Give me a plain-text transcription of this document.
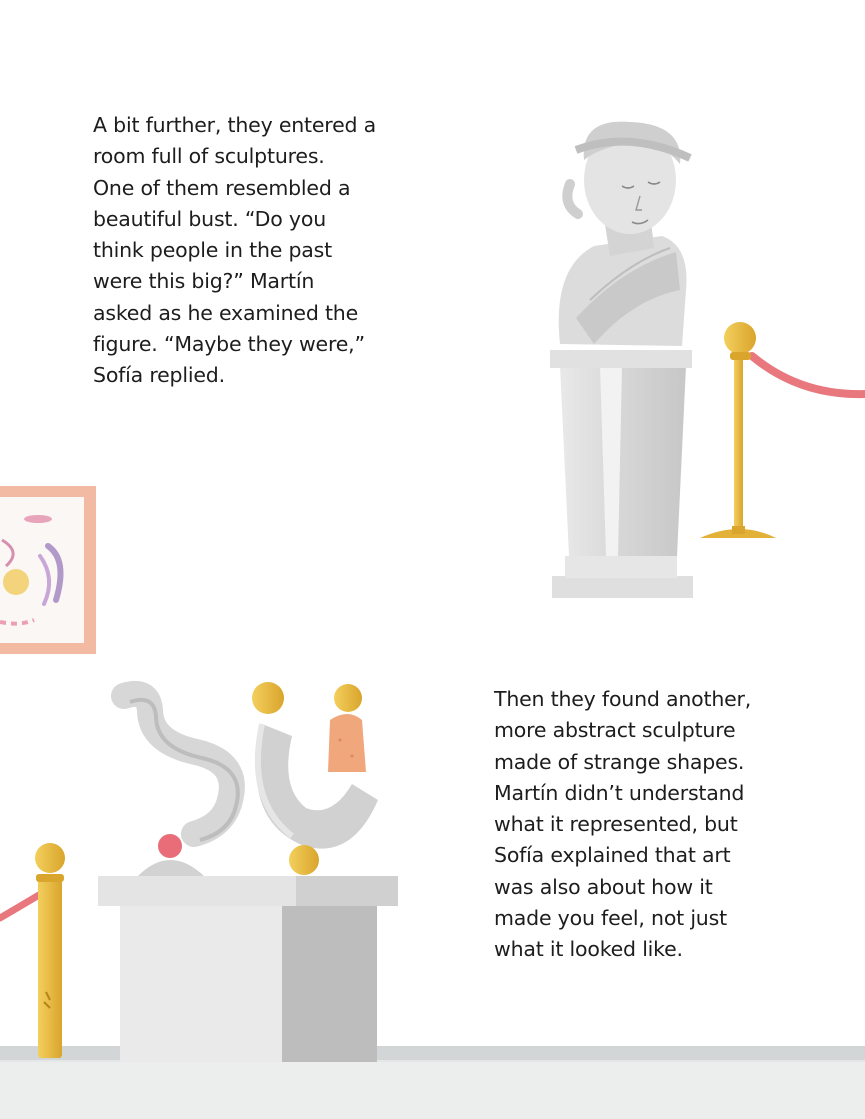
A bit further, they entered a
room full of sculptures.
One of them resembled a
beautiful bust. “Do you
think people in the past
were this big?” Martín
asked as he examined the
figure. “Maybe they were,”
Sofía replied.

Then they found another,
more abstract sculpture
made of strange shapes.
Martín didn’t understand
what it represented, but
Sofía explained that art
was also about how it
made you feel, not just
what it looked like.
